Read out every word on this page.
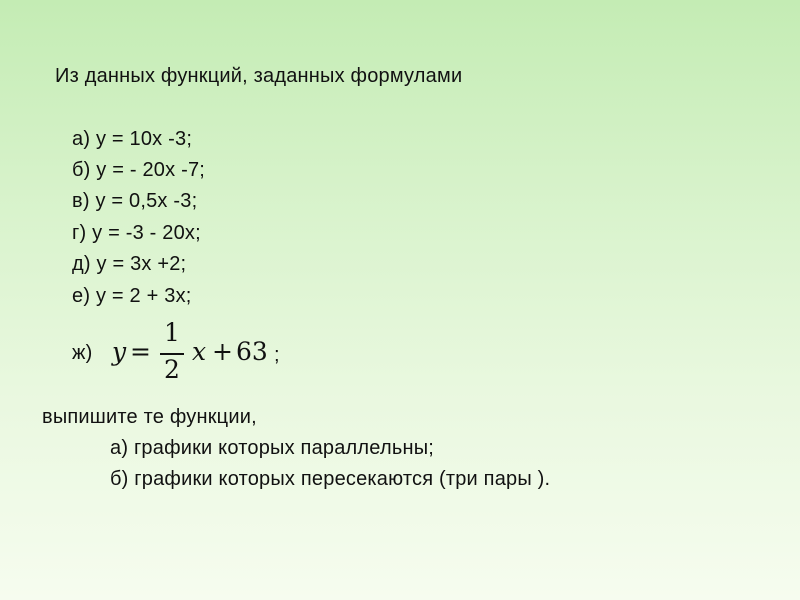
Из данных функций, заданных формулами
а) у = 10х -3;
б) у = - 20х -7;
в) у = 0,5х -3;
г) у = -3 - 20х;
д) у = 3х +2;
е) у = 2 + 3х;
ж) y =
1
2
x + 63 ;
выпишите те функции,
а) графики которых параллельны;
б) графики которых пересекаются (три пары ).
